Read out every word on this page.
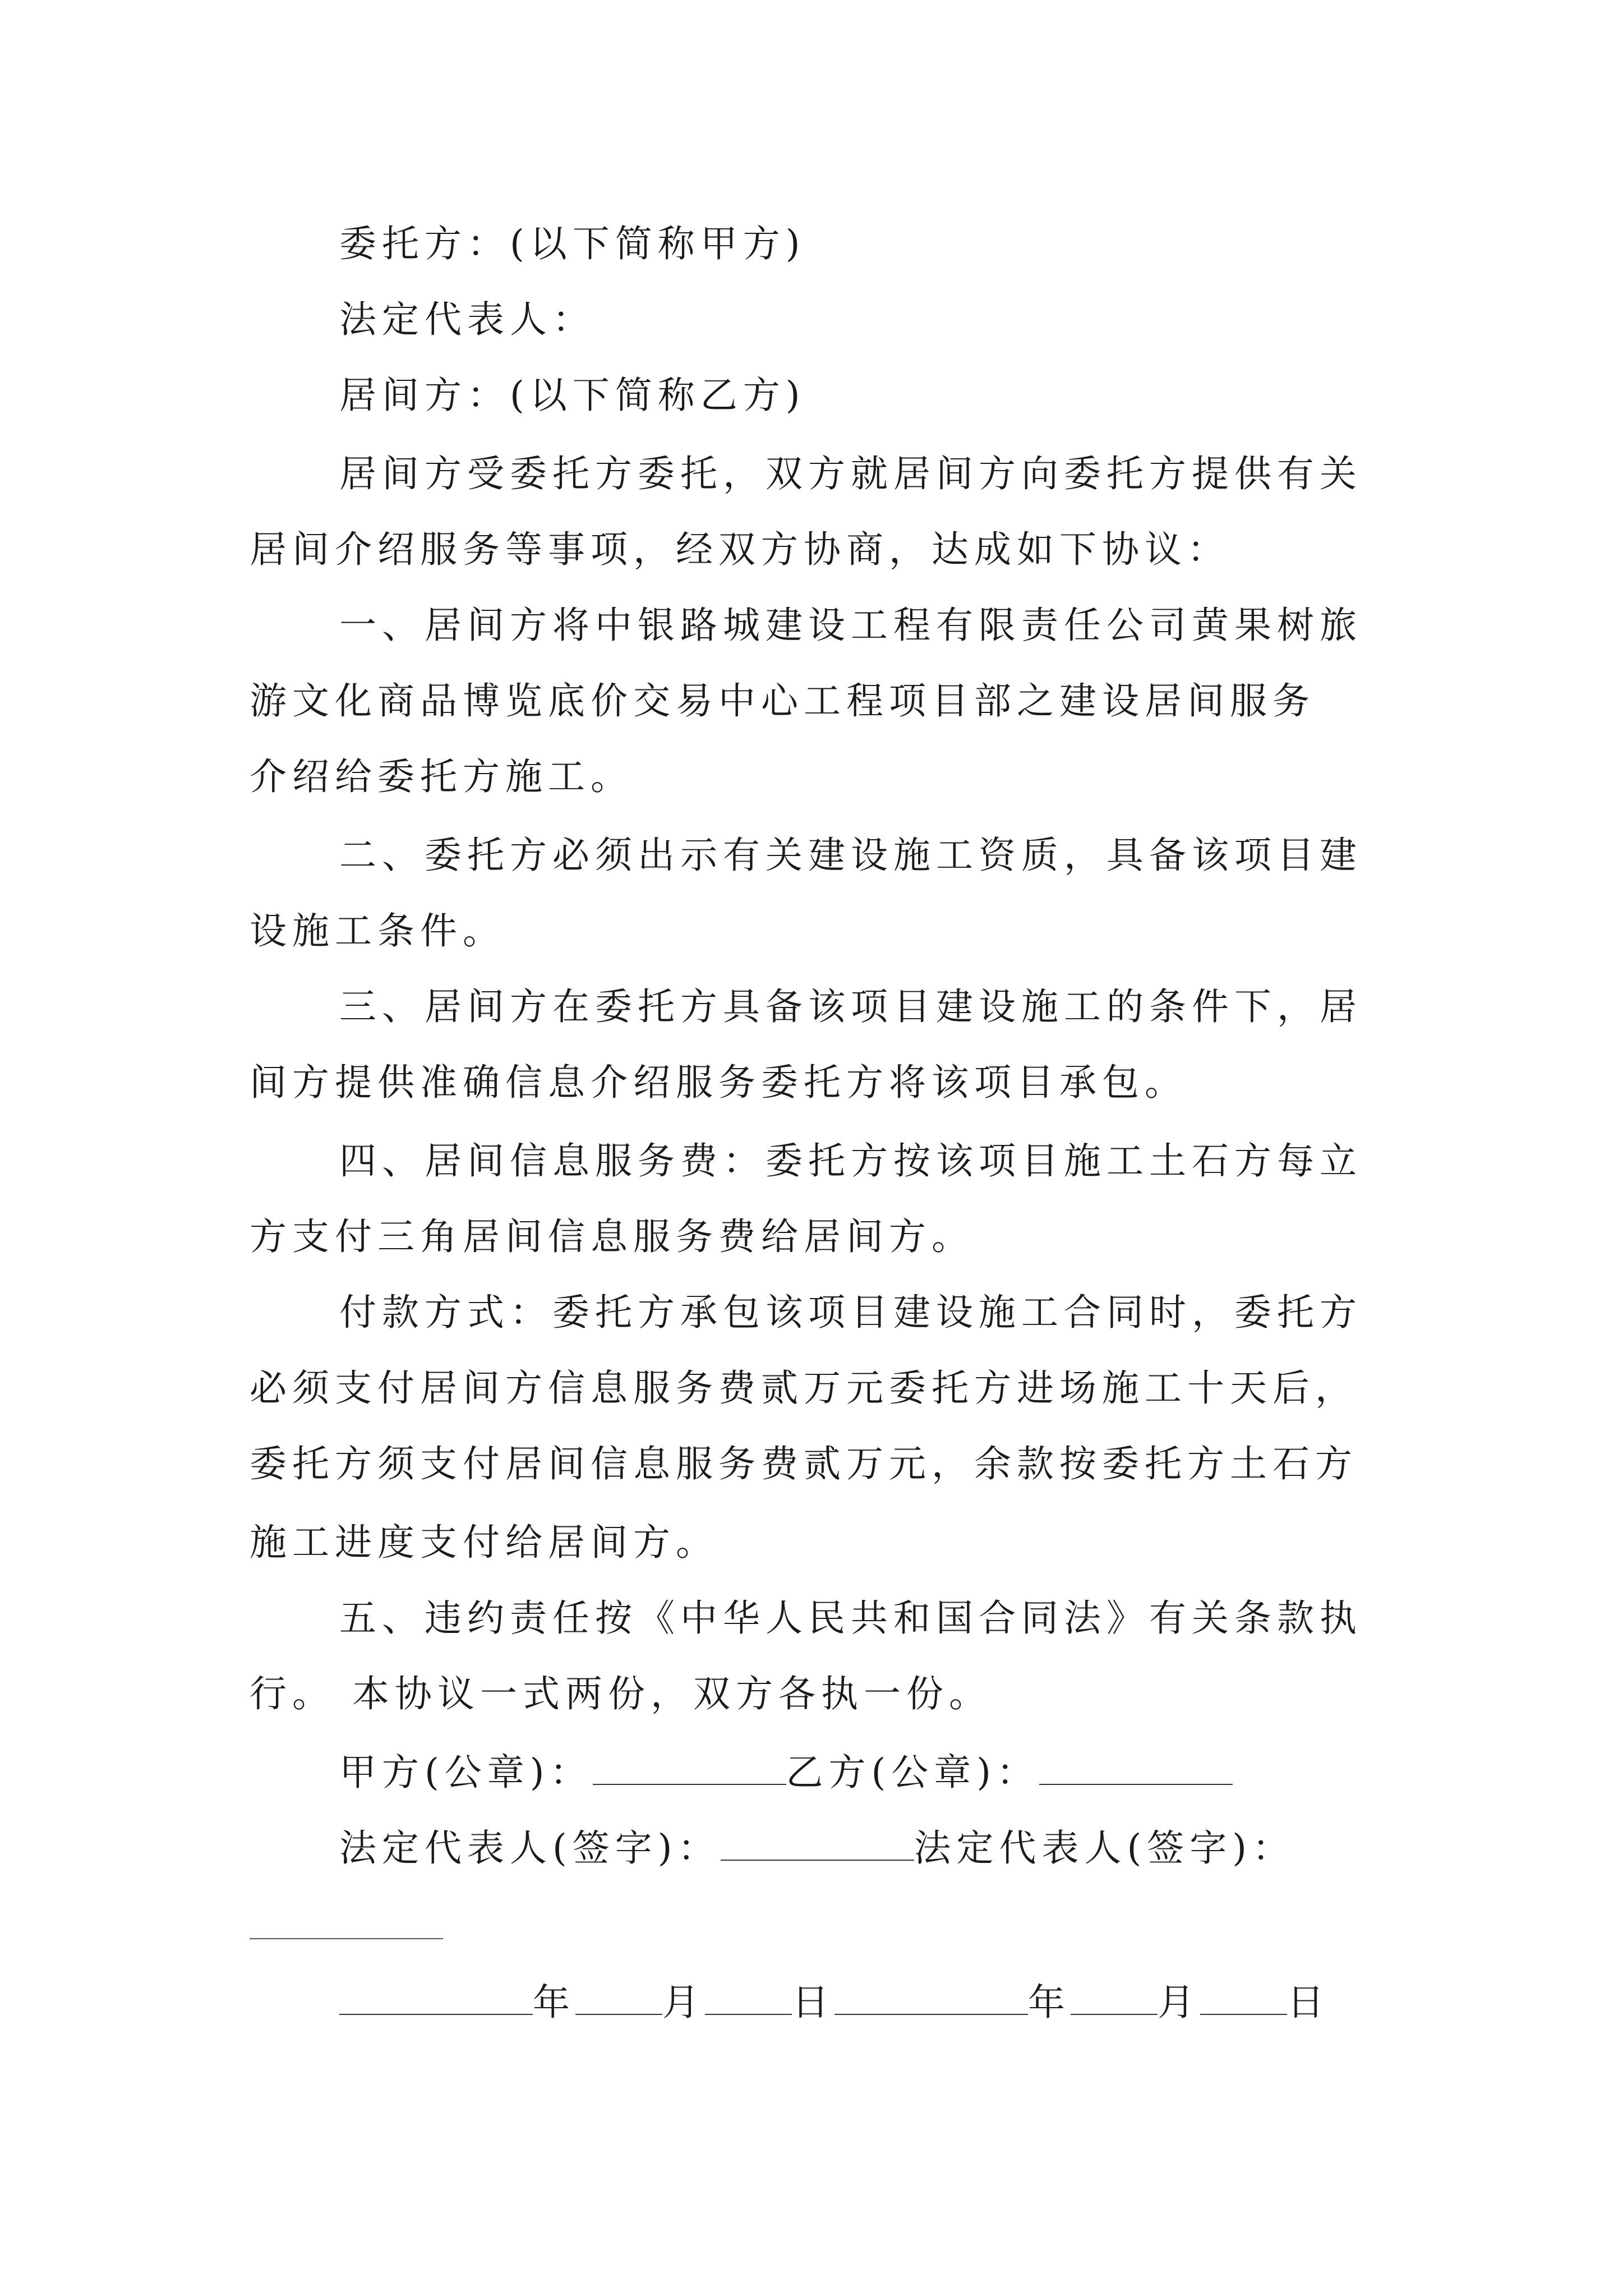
委托方：(以下简称甲方)
法定代表人：
居间方：(以下简称乙方)
居间方受委托方委托，双方就居间方向委托方提供有关
居间介绍服务等事项，经双方协商，达成如下协议：
一、居间方将中银路城建设工程有限责任公司黄果树旅
游文化商品博览底价交易中心工程项目部之建设居间服务
介绍给委托方施工。
二、委托方必须出示有关建设施工资质，具备该项目建
设施工条件。
三、居间方在委托方具备该项目建设施工的条件下，居
间方提供准确信息介绍服务委托方将该项目承包。
四、居间信息服务费：委托方按该项目施工土石方每立
方支付三角居间信息服务费给居间方。
付款方式：委托方承包该项目建设施工合同时，委托方
必须支付居间方信息服务费贰万元委托方进场施工十天后，
委托方须支付居间信息服务费贰万元，余款按委托方土石方
施工进度支付给居间方。
五、违约责任按《中华人民共和国合同法》有关条款执
行。 本协议一式两份，双方各执一份。
甲方(公章)：	乙方(公章)：
法定代表人(签字)：	法定代表人(签字)：
年 月 日	年 月 日
